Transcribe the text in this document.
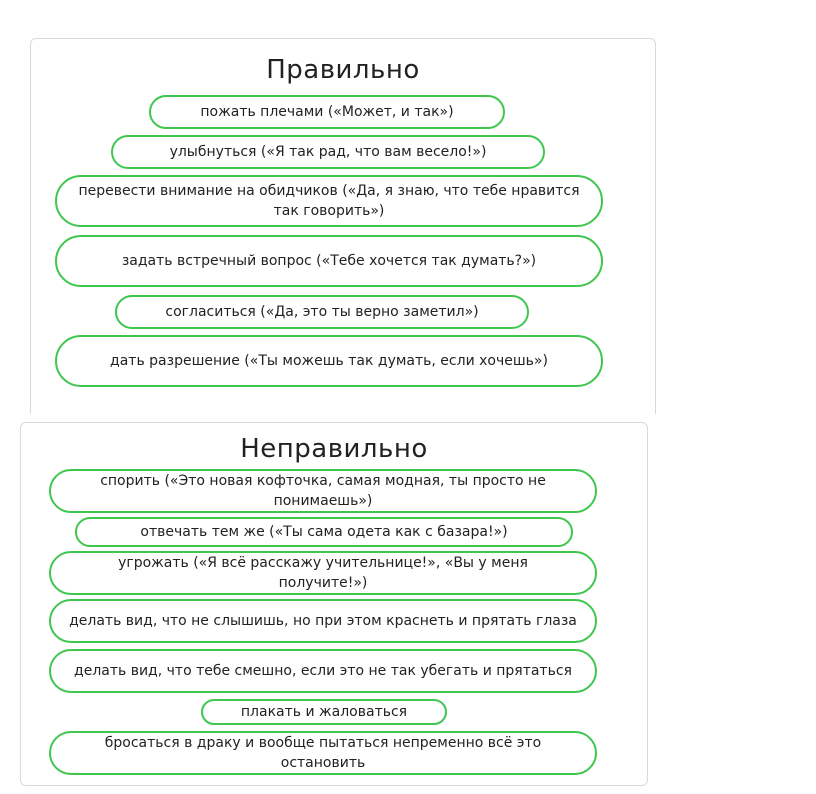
Правильно
пожать плечами («Может, и так»)
улыбнуться («Я так рад, что вам весело!»)
перевести внимание на обидчиков («Да, я знаю, что тебе нравится так говорить»)
задать встречный вопрос («Тебе хочется так думать?»)
согласиться («Да, это ты верно заметил»)
дать разрешение («Ты можешь так думать, если хочешь»)
Неправильно
спорить («Это новая кофточка, самая модная, ты просто не понимаешь»)
отвечать тем же («Ты сама одета как с базара!»)
угрожать («Я всё расскажу учительнице!», «Вы у меня получите!»)
делать вид, что не слышишь, но при этом краснеть и прятать глаза
делать вид, что тебе смешно, если это не так убегать и прятаться
плакать и жаловаться
бросаться в драку и вообще пытаться непременно всё это остановить
